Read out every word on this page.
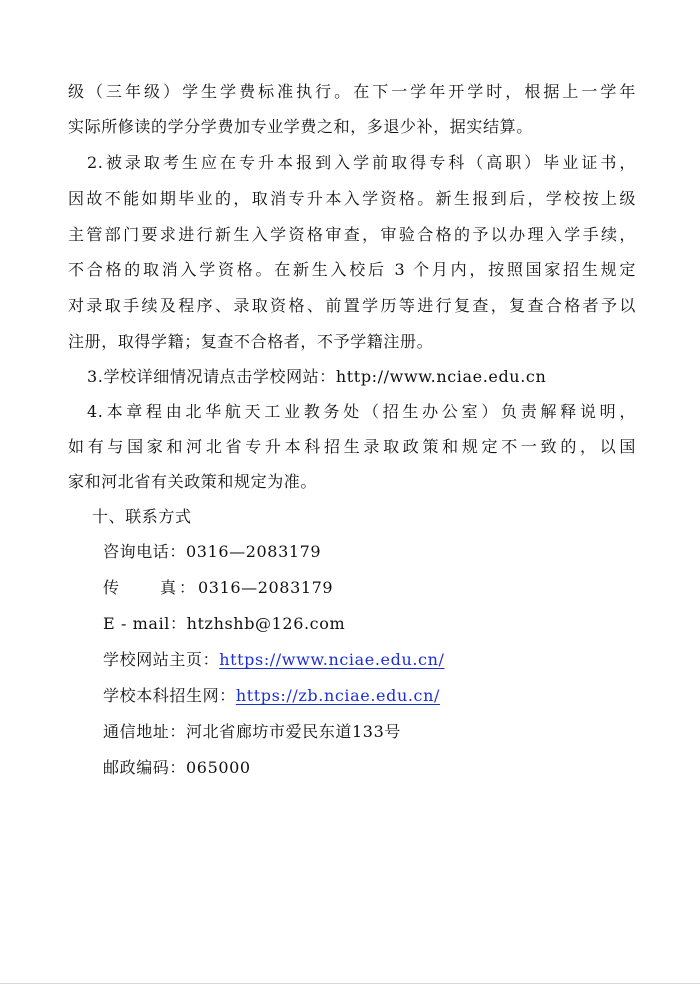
级（三年级）学生学费标准执行。在下一学年开学时，根据上一学年
实际所修读的学分学费加专业学费之和，多退少补，据实结算。
2.被录取考生应在专升本报到入学前取得专科（高职）毕业证书，
因故不能如期毕业的，取消专升本入学资格。新生报到后，学校按上级
主管部门要求进行新生入学资格审查，审验合格的予以办理入学手续，
不合格的取消入学资格。在新生入校后 3 个月内，按照国家招生规定
对录取手续及程序、录取资格、前置学历等进行复查，复查合格者予以
注册，取得学籍；复查不合格者，不予学籍注册。
3.学校详细情况请点击学校网站：http://www.nciae.edu.cn
4.本章程由北华航天工业教务处（招生办公室）负责解释说明，
如有与国家和河北省专升本科招生录取政策和规定不一致的，以国
家和河北省有关政策和规定为准。
十、联系方式
咨询电话：0316—2083179
传　　真：0316—2083179
E - mail：htzhshb@126.com
学校网站主页：https://www.nciae.edu.cn/
学校本科招生网：https://zb.nciae.edu.cn/
通信地址：河北省廊坊市爱民东道133号
邮政编码：065000
